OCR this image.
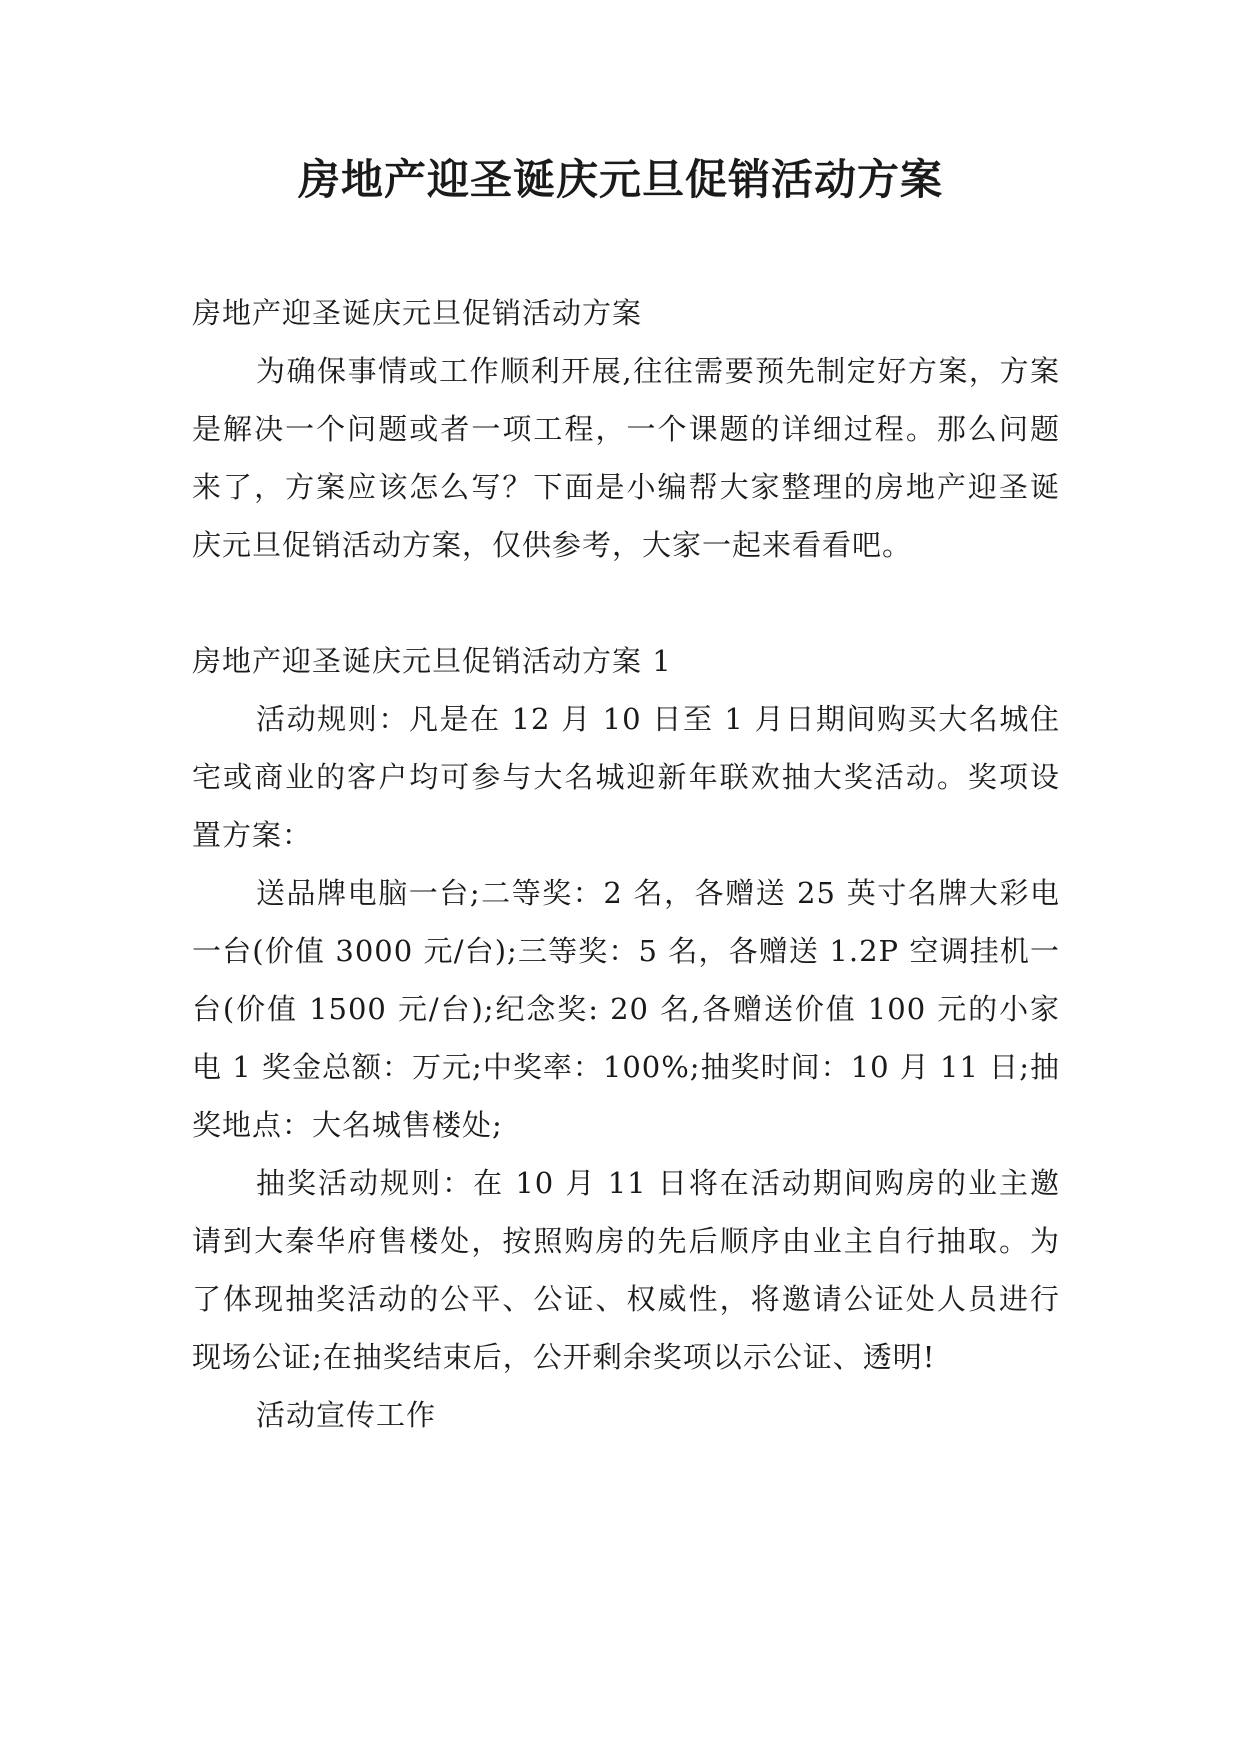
房地产迎圣诞庆元旦促销活动方案

房地产迎圣诞庆元旦促销活动方案

为确保事情或工作顺利开展,往往需要预先制定好方案，方案是解决一个问题或者一项工程，一个课题的详细过程。那么问题来了，方案应该怎么写？下面是小编帮大家整理的房地产迎圣诞庆元旦促销活动方案，仅供参考，大家一起来看看吧。

房地产迎圣诞庆元旦促销活动方案 1

活动规则：凡是在 12 月 10 日至 1 月日期间购买大名城住宅或商业的客户均可参与大名城迎新年联欢抽大奖活动。奖项设置方案：

送品牌电脑一台;二等奖：2 名，各赠送 25 英寸名牌大彩电一台(价值 3000 元/台);三等奖：5 名，各赠送 1.2P 空调挂机一台(价值 1500 元/台);纪念奖: 20 名,各赠送价值 100 元的小家电 1 奖金总额：万元;中奖率：100%;抽奖时间：10 月 11 日;抽奖地点：大名城售楼处;

抽奖活动规则：在 10 月 11 日将在活动期间购房的业主邀请到大秦华府售楼处，按照购房的先后顺序由业主自行抽取。为了体现抽奖活动的公平、公证、权威性，将邀请公证处人员进行现场公证;在抽奖结束后，公开剩余奖项以示公证、透明!

活动宣传工作
